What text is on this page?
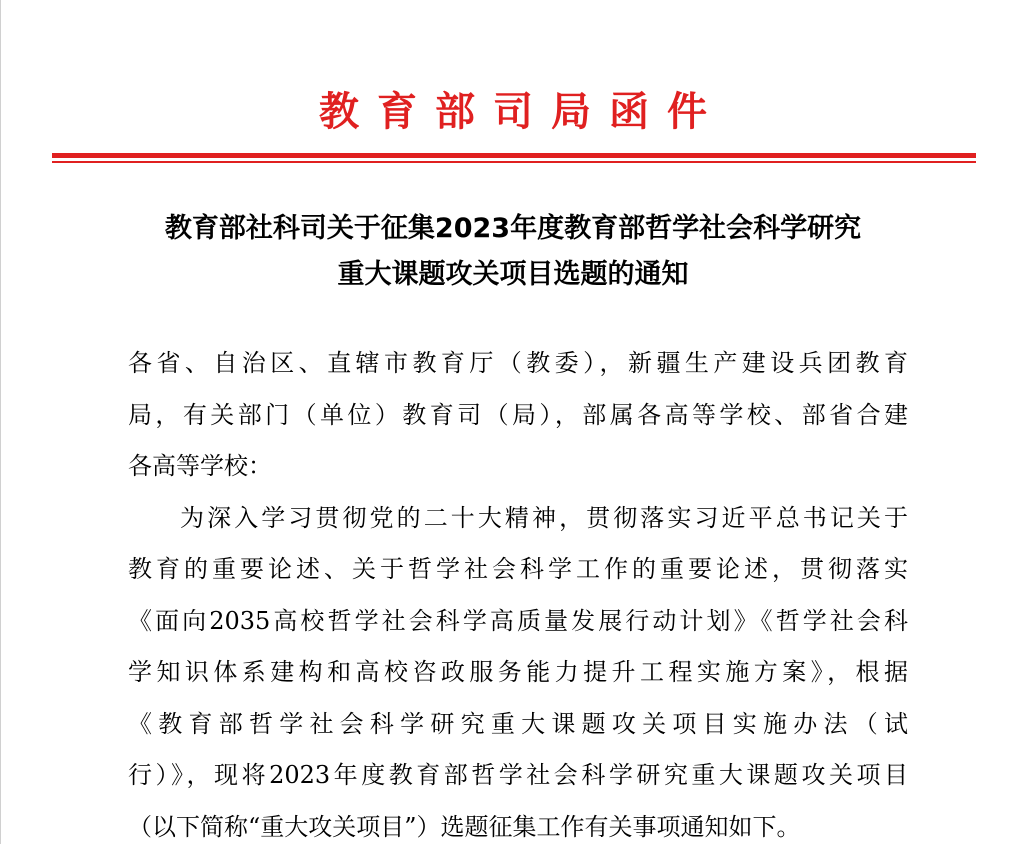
教育部司局函件
教育部社科司关于征集2023年度教育部哲学社会科学研究
重大课题攻关项目选题的通知
各省、自治区、直辖市教育厅（教委），新疆生产建设兵团教育
局，有关部门（单位）教育司（局），部属各高等学校、部省合建
各高等学校：
为深入学习贯彻党的二十大精神，贯彻落实习近平总书记关于
教育的重要论述、关于哲学社会科学工作的重要论述，贯彻落实
《面向2035高校哲学社会科学高质量发展行动计划》《哲学社会科
学知识体系建构和高校咨政服务能力提升工程实施方案》，根据
《教育部哲学社会科学研究重大课题攻关项目实施办法（试
行）》，现将2023年度教育部哲学社会科学研究重大课题攻关项目
（以下简称“重大攻关项目”）选题征集工作有关事项通知如下。
